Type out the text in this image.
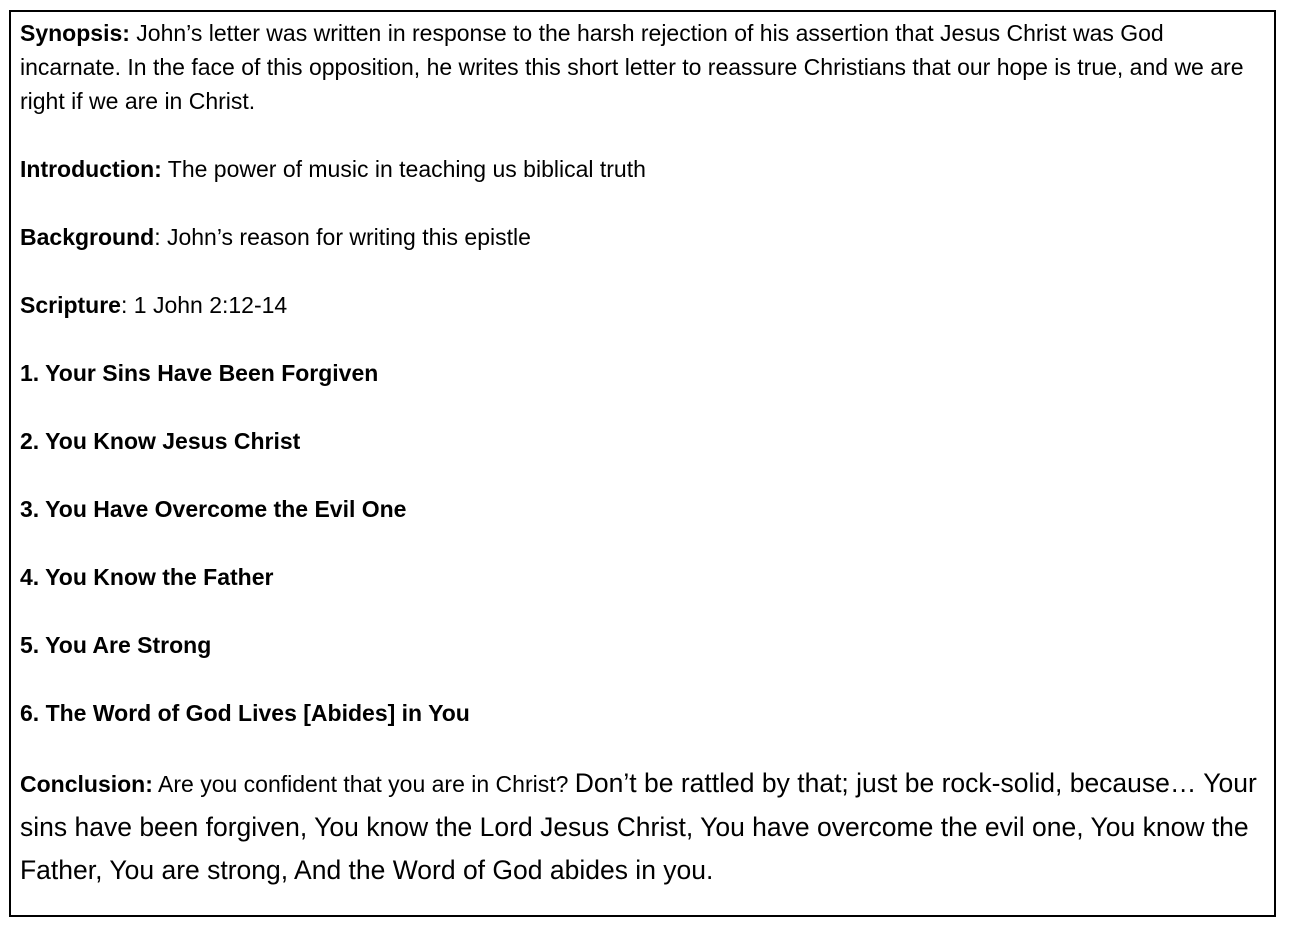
Synopsis: John’s letter was written in response to the harsh rejection of his assertion that Jesus Christ was God incarnate. In the face of this opposition, he writes this short letter to reassure Christians that our hope is true, and we are right if we are in Christ.

Introduction: The power of music in teaching us biblical truth

Background: John’s reason for writing this epistle

Scripture: 1 John 2:12-14

1. Your Sins Have Been Forgiven

2. You Know Jesus Christ

3. You Have Overcome the Evil One

4. You Know the Father

5. You Are Strong

6. The Word of God Lives [Abides] in You

Conclusion: Are you confident that you are in Christ? Don’t be rattled by that; just be rock-solid, because… Your sins have been forgiven, You know the Lord Jesus Christ, You have overcome the evil one, You know the Father, You are strong, And the Word of God abides in you.
